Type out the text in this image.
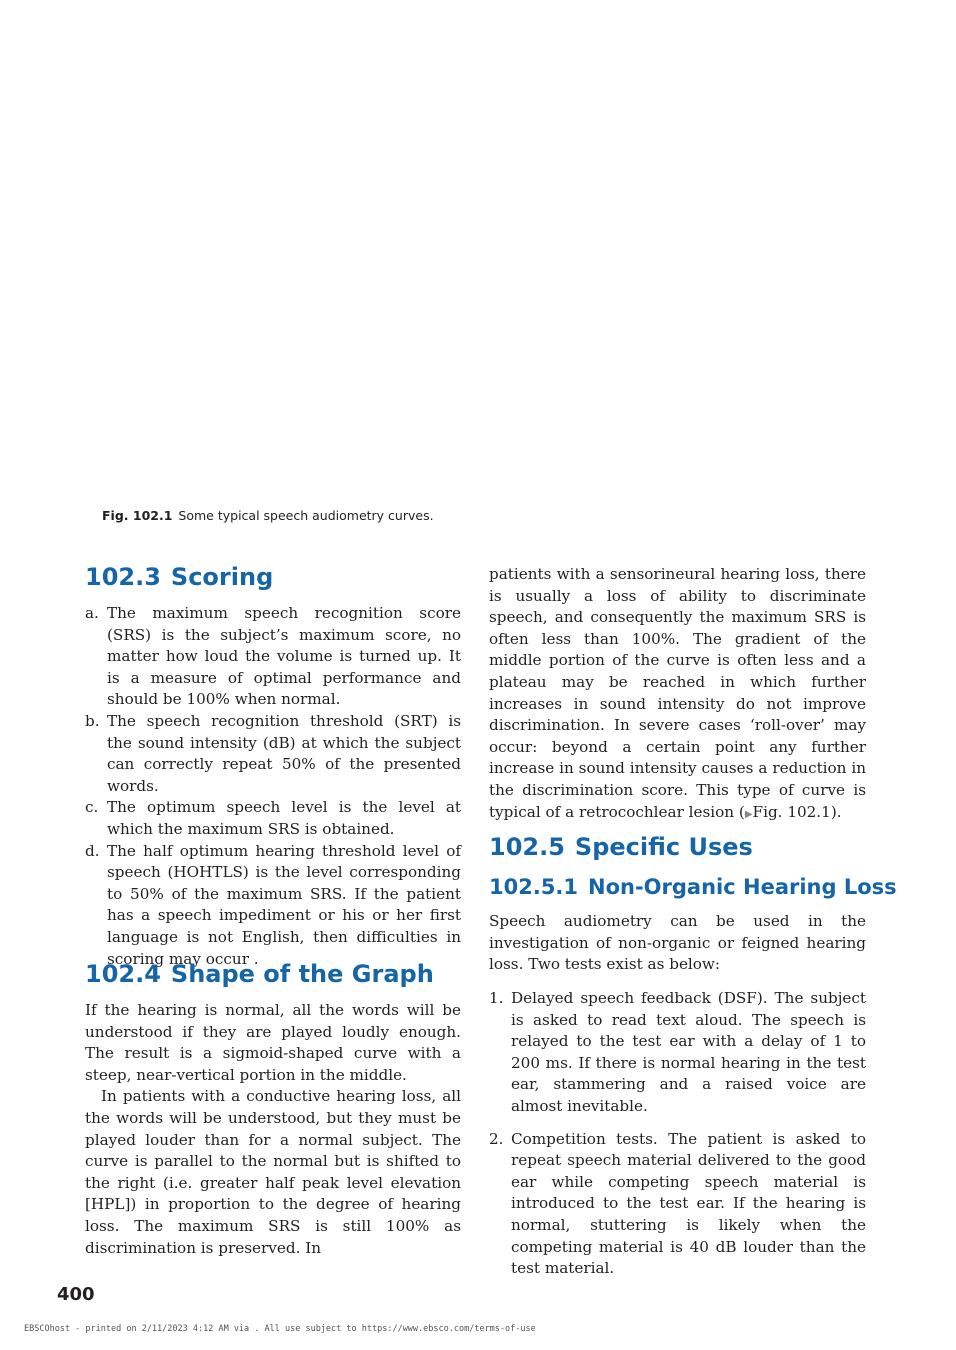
Fig. 102.1 Some typical speech audiometry curves.
102.3 Scoring
a. The maximum speech recognition score (SRS) is the subject’s maximum score, no matter how loud the volume is turned up. It is a measure of optimal performance and should be 100% when normal.
b. The speech recognition threshold (SRT) is the sound intensity (dB) at which the subject can correctly repeat 50% of the presented words.
c. The optimum speech level is the level at which the maximum SRS is obtained.
d. The half optimum hearing threshold level of speech (HOHTLS) is the level corresponding to 50% of the maximum SRS. If the patient has a speech impediment or his or her first language is not English, then difficulties in scoring may occur .
102.4 Shape of the Graph

If the hearing is normal, all the words will be understood if they are played loudly enough. The result is a sigmoid-shaped curve with a steep, near-vertical portion in the middle.

In patients with a conductive hearing loss, all the words will be understood, but they must be played louder than for a normal subject. The curve is parallel to the normal but is shifted to the right (i.e. greater half peak level elevation [HPL]) in proportion to the degree of hearing loss. The maximum SRS is still 100% as discrimination is preserved. In

patients with a sensorineural hearing loss, there is usually a loss of ability to discriminate speech, and consequently the maximum SRS is often less than 100%. The gradient of the middle portion of the curve is often less and a plateau may be reached in which further increases in sound intensity do not improve discrimination. In severe cases ‘roll-over’ may occur: beyond a certain point any further increase in sound intensity causes a reduction in the discrimination score. This type of curve is typical of a retrocochlear lesion (▶Fig. 102.1).

102.5 Specific Uses
102.5.1 Non-Organic Hearing Loss

Speech audiometry can be used in the investigation of non-organic or feigned hearing loss. Two tests exist as below:

1. Delayed speech feedback (DSF). The subject is asked to read text aloud. The speech is relayed to the test ear with a delay of 1 to 200 ms. If there is normal hearing in the test ear, stammering and a raised voice are almost inevitable.
2. Competition tests. The patient is asked to repeat speech material delivered to the good ear while competing speech material is introduced to the test ear. If the hearing is normal, stuttering is likely when the competing material is 40 dB louder than the test material.
400
EBSCOhost - printed on 2/11/2023 4:12 AM via . All use subject to https://www.ebsco.com/terms-of-use
